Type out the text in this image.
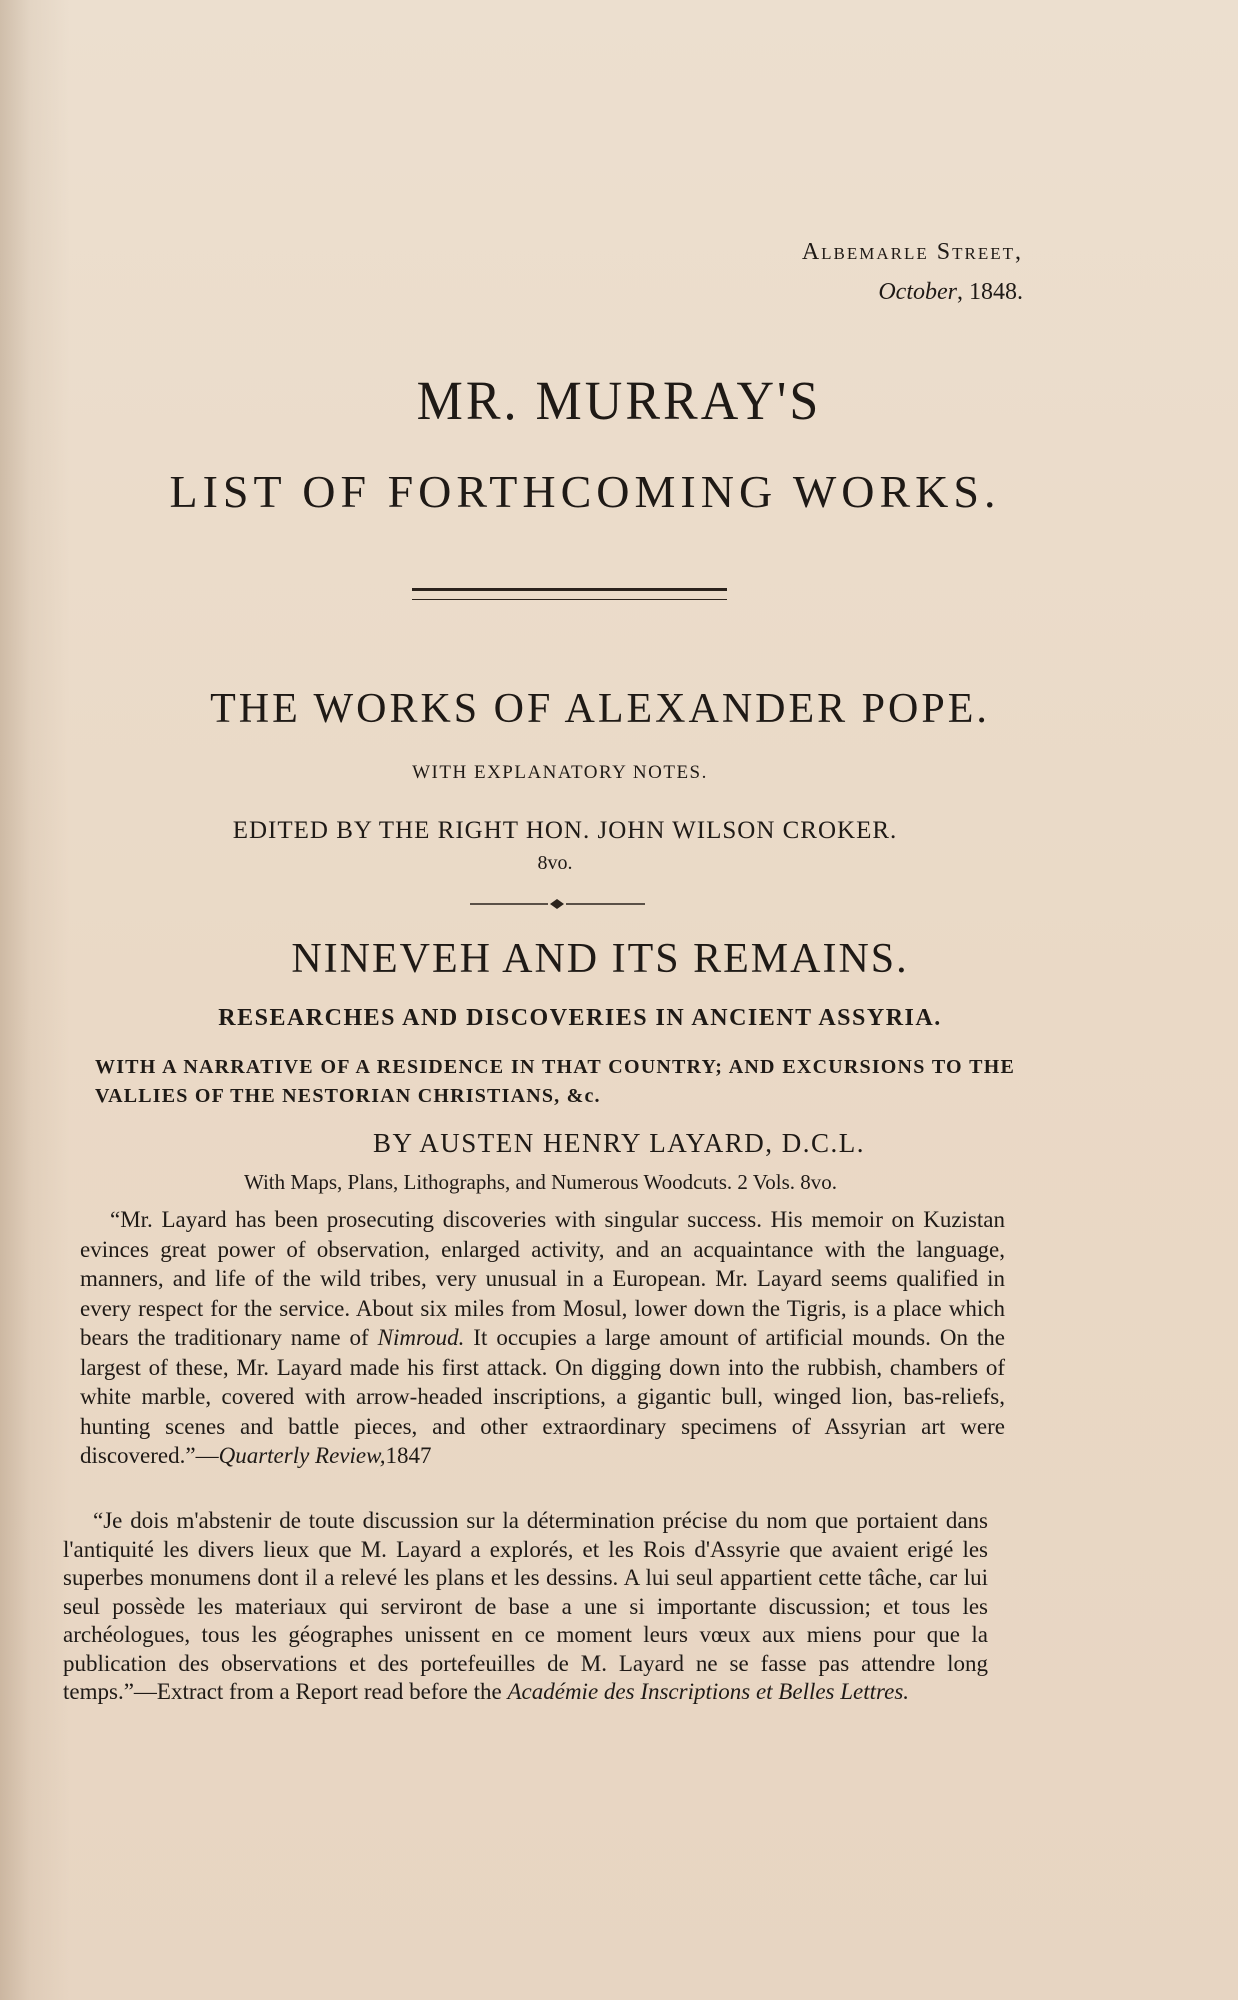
Albemarle Street,
October, 1848.
MR. MURRAY'S
LIST OF FORTHCOMING WORKS.
THE WORKS OF ALEXANDER POPE.
WITH EXPLANATORY NOTES.
EDITED BY THE RIGHT HON. JOHN WILSON CROKER.
8vo.
NINEVEH AND ITS REMAINS.
RESEARCHES AND DISCOVERIES IN ANCIENT ASSYRIA.
WITH A NARRATIVE OF A RESIDENCE IN THAT COUNTRY; AND EXCURSIONS TO THE VALLIES OF THE NESTORIAN CHRISTIANS, &c.
BY AUSTEN HENRY LAYARD, D.C.L.
With Maps, Plans, Lithographs, and Numerous Woodcuts. 2 Vols. 8vo.
“Mr. Layard has been prosecuting discoveries with singular success. His memoir on Kuzistan evinces great power of observation, enlarged activity, and an acquaintance with the language, manners, and life of the wild tribes, very unusual in a European. Mr. Layard seems qualified in every respect for the service. About six miles from Mosul, lower down the Tigris, is a place which bears the traditionary name of Nimroud. It occupies a large amount of artificial mounds. On the largest of these, Mr. Layard made his first attack. On digging down into the rubbish, chambers of white marble, covered with arrow-headed inscriptions, a gigantic bull, winged lion, bas-reliefs, hunting scenes and battle pieces, and other extraordinary specimens of Assyrian art were discovered.”—Quarterly Review,1847
“Je dois m'abstenir de toute discussion sur la détermination précise du nom que portaient dans l'antiquité les divers lieux que M. Layard a explorés, et les Rois d'Assyrie que avaient erigé les superbes monumens dont il a relevé les plans et les dessins. A lui seul appartient cette tâche, car lui seul possède les materiaux qui serviront de base a une si importante discussion; et tous les archéologues, tous les géographes unissent en ce moment leurs vœux aux miens pour que la publication des observations et des portefeuilles de M. Layard ne se fasse pas attendre long temps.”—Extract from a Report read before the Académie des Inscriptions et Belles Lettres.
